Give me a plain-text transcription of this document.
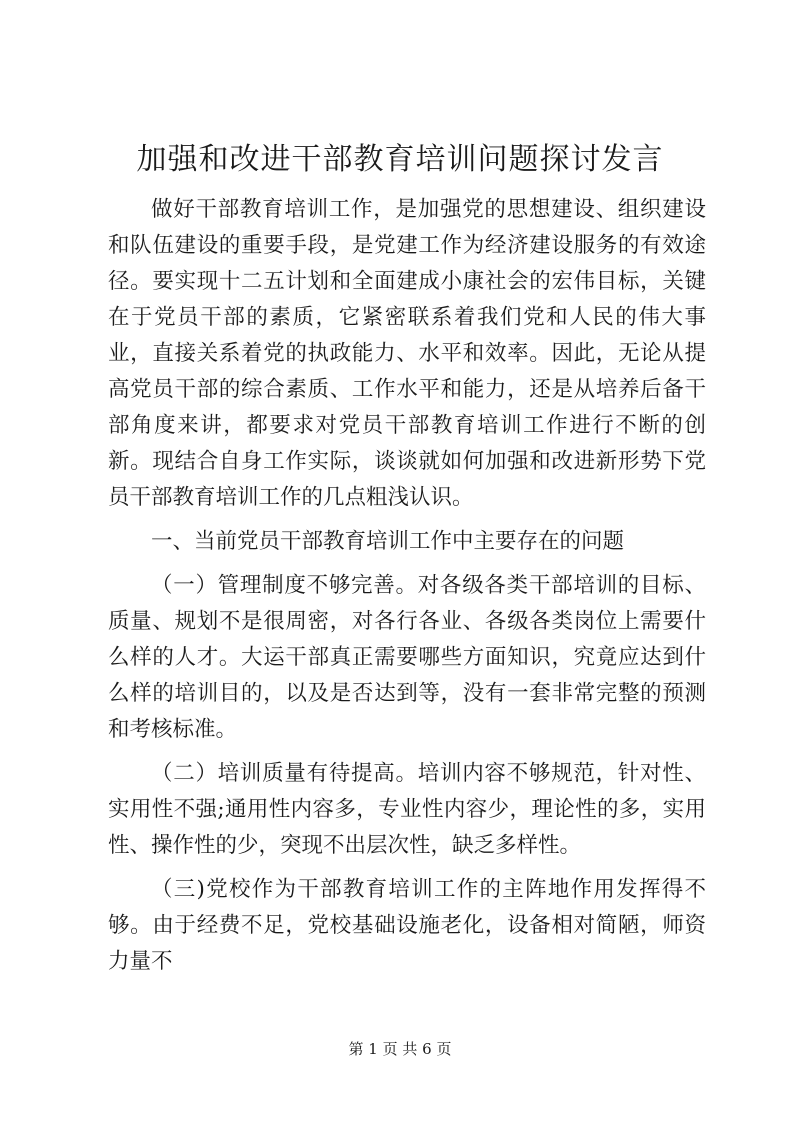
加强和改进干部教育培训问题探讨发言

做好干部教育培训工作，是加强党的思想建设、组织建设和队伍建设的重要手段，是党建工作为经济建设服务的有效途径。要实现十二五计划和全面建成小康社会的宏伟目标，关键在于党员干部的素质，它紧密联系着我们党和人民的伟大事业，直接关系着党的执政能力、水平和效率。因此，无论从提高党员干部的综合素质、工作水平和能力，还是从培养后备干部角度来讲，都要求对党员干部教育培训工作进行不断的创新。现结合自身工作实际，谈谈就如何加强和改进新形势下党员干部教育培训工作的几点粗浅认识。

一、当前党员干部教育培训工作中主要存在的问题

（一）管理制度不够完善。对各级各类干部培训的目标、质量、规划不是很周密，对各行各业、各级各类岗位上需要什么样的人才。大运干部真正需要哪些方面知识，究竟应达到什么样的培训目的，以及是否达到等，没有一套非常完整的预测和考核标准。

（二）培训质量有待提高。培训内容不够规范，针对性、实用性不强;通用性内容多，专业性内容少，理论性的多，实用性、操作性的少，突现不出层次性，缺乏多样性。

（三)党校作为干部教育培训工作的主阵地作用发挥得不够。由于经费不足，党校基础设施老化，设备相对简陋，师资力量不

第 1 页 共 6 页
